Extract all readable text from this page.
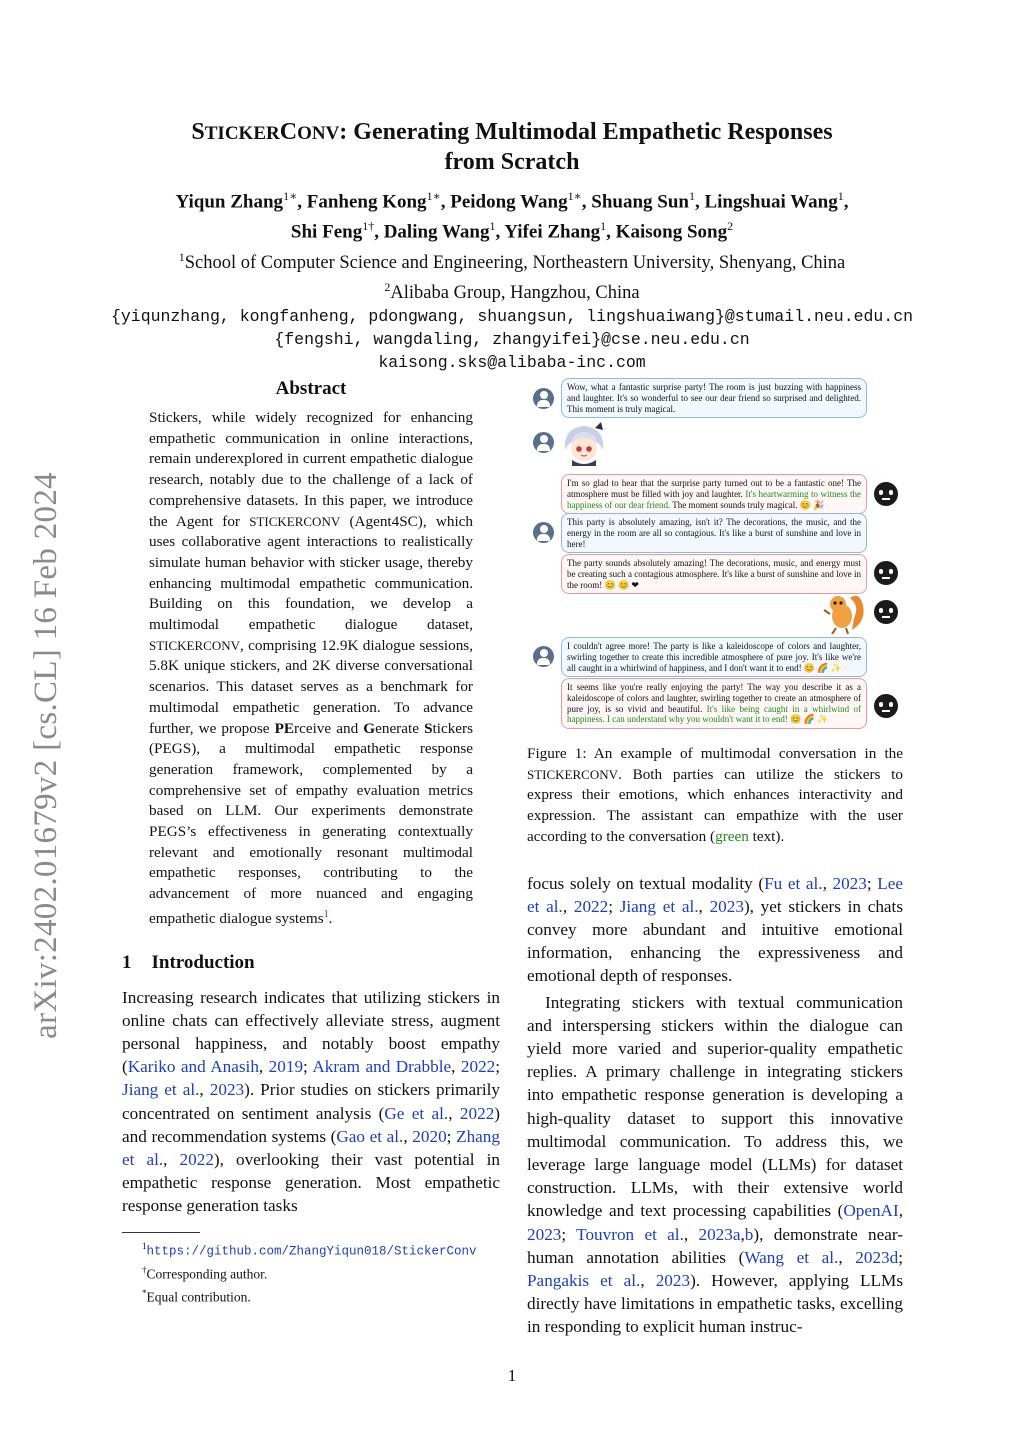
arXiv:2402.01679v2 [cs.CL] 16 Feb 2024
STICKERCONV: Generating Multimodal Empathetic Responses
from Scratch
Yiqun Zhang$^{1∗}$, Fanheng Kong$^{1∗}$, Peidong Wang$^{1∗}$, Shuang Sun$^1$, Lingshuai Wang$^1$,
Shi Feng$^{1\dagger}$, Daling Wang$^1$, Yifei Zhang$^1$, Kaisong Song$^2$
$^1$School of Computer Science and Engineering, Northeastern University, Shenyang, China
$^2$Alibaba Group, Hangzhou, China
{yiqunzhang, kongfanheng, pdongwang, shuangsun, lingshuaiwang}@stumail.neu.edu.cn
{fengshi, wangdaling, zhangyifei}@cse.neu.edu.cn
kaisong.sks@alibaba-inc.com
Abstract
Stickers, while widely recognized for enhancing empathetic communication in online interactions, remain underexplored in current empathetic dialogue research, notably due to the challenge of a lack of comprehensive datasets. In this paper, we introduce the Agent for STICKERCONV (Agent4SC), which uses collaborative agent interactions to realistically simulate human behavior with sticker usage, thereby enhancing multimodal empathetic communication. Building on this foundation, we develop a multimodal empathetic dialogue dataset, STICKERCONV, comprising 12.9K dialogue sessions, 5.8K unique stickers, and 2K diverse conversational scenarios. This dataset serves as a benchmark for multimodal empathetic generation. To advance further, we propose PErceive and Generate Stickers (PEGS), a multimodal empathetic response generation framework, complemented by a comprehensive set of empathy evaluation metrics based on LLM. Our experiments demonstrate PEGS’s effectiveness in generating contextually relevant and emotionally resonant multimodal empathetic responses, contributing to the advancement of more nuanced and engaging empathetic dialogue systems$^1$.
1 Introduction
Increasing research indicates that utilizing stickers in online chats can effectively alleviate stress, augment personal happiness, and notably boost empathy (Kariko and Anasih, 2019; Akram and Drabble, 2022; Jiang et al., 2023). Prior studies on stickers primarily concentrated on sentiment analysis (Ge et al., 2022) and recommendation systems (Gao et al., 2020; Zhang et al., 2022), overlooking their vast potential in empathetic response generation. Most empathetic response generation tasks
$^1$https://github.com/ZhangYiqun018/StickerConv
†Corresponding author.
*Equal contribution.
Wow, what a fantastic surprise party! The room is just buzzing with happiness and laughter. It's so wonderful to see our dear friend so surprised and delighted. This moment is truly magical.
I'm so glad to hear that the surprise party turned out to be a fantastic one! The atmosphere must be filled with joy and laughter. It's heartwarming to witness the happiness of our dear friend. The moment sounds truly magical. 😊 🎉
This party is absolutely amazing, isn't it? The decorations, the music, and the energy in the room are all so contagious. It's like a burst of sunshine and love in here!
The party sounds absolutely amazing! The decorations, music, and energy must be creating such a contagious atmosphere. It's like a burst of sunshine and love in the room! 😊 😊 ❤
I couldn't agree more! The party is like a kaleidoscope of colors and laughter, swirling together to create this incredible atmosphere of pure joy. It's like we're all caught in a whirlwind of happiness, and I don't want it to end! 😊 🌈 ✨
It seems like you're really enjoying the party! The way you describe it as a kaleidoscope of colors and laughter, swirling together to create an atmosphere of pure joy, is so vivid and beautiful. It's like being caught in a whirlwind of happiness. I can understand why you wouldn't want it to end! 😊 🌈 ✨
Figure 1: An example of multimodal conversation in the STICKERCONV. Both parties can utilize the stickers to express their emotions, which enhances interactivity and expression. The assistant can empathize with the user according to the conversation (green text).
focus solely on textual modality (Fu et al., 2023; Lee et al., 2022; Jiang et al., 2023), yet stickers in chats convey more abundant and intuitive emotional information, enhancing the expressiveness and emotional depth of responses.
Integrating stickers with textual communication and interspersing stickers within the dialogue can yield more varied and superior-quality empathetic replies. A primary challenge in integrating stickers into empathetic response generation is developing a high-quality dataset to support this innovative multimodal communication. To address this, we leverage large language model (LLMs) for dataset construction. LLMs, with their extensive world knowledge and text processing capabilities (OpenAI, 2023; Touvron et al., 2023a,b), demonstrate near-human annotation abilities (Wang et al., 2023d; Pangakis et al., 2023). However, applying LLMs directly have limitations in empathetic tasks, excelling in responding to explicit human instruc-
1
